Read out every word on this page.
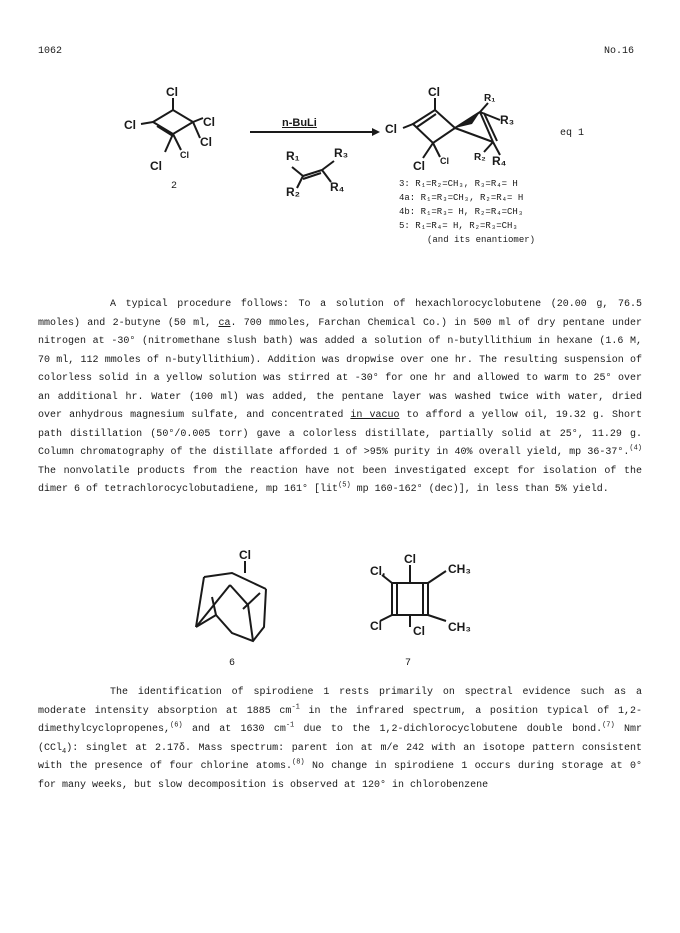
1062	No.16
Cl
Cl	Cl
Cl
Cl
Cl
Cl
Cl
Cl Cl
R₁	R₃
R₂	R₄
R₁
R₃
R₂ R₄
n-BuLi
eq 1
2	3: R₁=R₂=CH₃, R₃=R₄= H
4a: R₁=R₃=CH₃, R₂=R₄= H
4b: R₁=R₃= H, R₂=R₄=CH₃
5: R₁=R₄= H, R₂=R₃=CH₃
(and its enantiomer)

A typical procedure follows: To a solution of hexachlorocyclobutene (20.00 g, 76.5 mmoles) and 2-butyne (50 ml, ca. 700 mmoles, Farchan Chemical Co.) in 500 ml of dry pentane under nitrogen at -30° (nitromethane slush bath) was added a solution of n-butyllithium in hexane (1.6 M, 70 ml, 112 mmoles of n-butyllithium). Addition was dropwise over one hr. The resulting suspension of colorless solid in a yellow solution was stirred at -30° for one hr and allowed to warm to 25° over an additional hr. Water (100 ml) was added, the pentane layer was washed twice with water, dried over anhydrous magnesium sulfate, and concentrated in vacuo to afford a yellow oil, 19.32 g. Short path distillation (50°/0.005 torr) gave a colorless distillate, partially solid at 25°, 11.29 g. Column chromatography of the distillate afforded 1 of >95% purity in 40% overall yield, mp 36-37°.$^{(4)}$ The nonvolatile products from the reaction have not been investigated except for isolation of the dimer 6 of tetrachlorocyclobutadiene, mp 161° [lit$^{(5)}$ mp 160-162° (dec)], in less than 5% yield.

Cl	Cl
Cl,	CH₃
Cl	Cl CH₃
6	7

The identification of spirodiene 1 rests primarily on spectral evidence such as a moderate intensity absorption at 1885 $cm^{-1}$ in the infrared spectrum, a position typical of 1,2-dimethylcyclopropenes,$^{(6)}$ and at 1630 $cm^{-1}$ due to the 1,2-dichlorocyclobutene double bond.$^{(7)}$ Nmr (CCl$_4$): singlet at 2.17δ. Mass spectrum: parent ion at m/e 242 with an isotope pattern consistent with the presence of four chlorine atoms.$^{(8)}$ No change in spirodiene 1 occurs during storage at 0° for many weeks, but slow decomposition is observed at 120° in chlorobenzene
